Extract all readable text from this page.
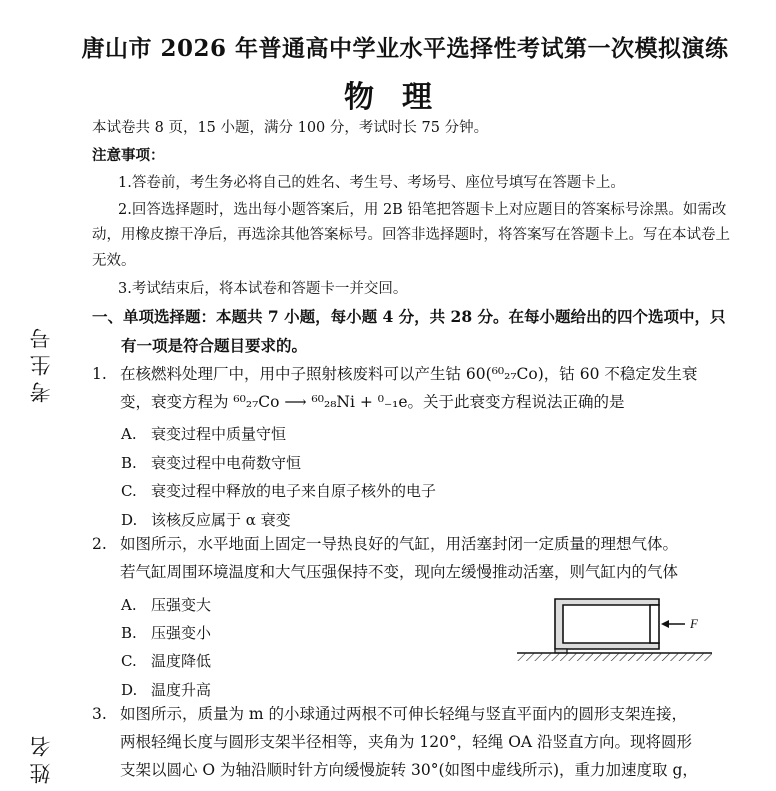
唐山市 2026 年普通高中学业水平选择性考试第一次模拟演练
物理
本试卷共 8 页，15 小题，满分 100 分，考试时长 75 分钟。
注意事项：
1.答卷前，考生务必将自己的姓名、考生号、考场号、座位号填写在答题卡上。
2.回答选择题时，选出每小题答案后，用 2B 铅笔把答题卡上对应题目的答案标号涂黑。如需改
动，用橡皮擦干净后，再选涂其他答案标号。回答非选择题时，将答案写在答题卡上。写在本试卷上
无效。
3.考试结束后，将本试卷和答题卡一并交回。
一、单项选择题：本题共 7 小题，每小题 4 分，共 28 分。在每小题给出的四个选项中，只
有一项是符合题目要求的。
1. 在核燃料处理厂中，用中子照射核废料可以产生钴 60(⁶⁰₂₇Co)，钴 60 不稳定发生衰
变，衰变方程为 ⁶⁰₂₇Co ⟶ ⁶⁰₂₈Ni + ⁰₋₁e。关于此衰变方程说法正确的是
A. 衰变过程中质量守恒
B. 衰变过程中电荷数守恒
C. 衰变过程中释放的电子来自原子核外的电子
D. 该核反应属于 α 衰变
2. 如图所示，水平地面上固定一导热良好的气缸，用活塞封闭一定质量的理想气体。
若气缸周围环境温度和大气压强保持不变，现向左缓慢推动活塞，则气缸内的气体
A. 压强变大
B. 压强变小
C. 温度降低
D. 温度升高
F
3. 如图所示，质量为 m 的小球通过两根不可伸长轻绳与竖直平面内的圆形支架连接，
两根轻绳长度与圆形支架半径相等，夹角为 120°，轻绳 OA 沿竖直方向。现将圆形
支架以圆心 O 为轴沿顺时针方向缓慢旋转 30°(如图中虚线所示)，重力加速度取 g，
考生号
姓名
